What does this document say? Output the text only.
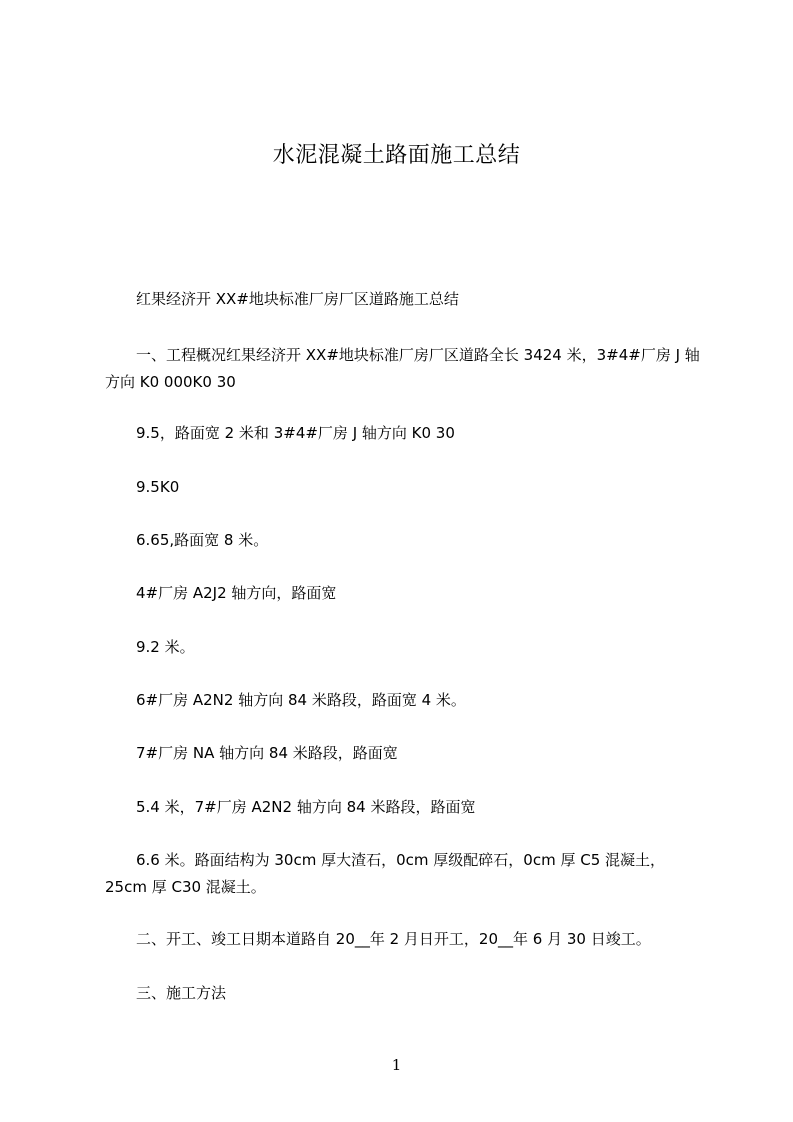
水泥混凝土路面施工总结

红果经济开 XX#地块标准厂房厂区道路施工总结

一、工程概况红果经济开 XX#地块标准厂房厂区道路全长 3424 米，3#4#厂房 J 轴方向 K0 000K0 30

9.5，路面宽 2 米和 3#4#厂房 J 轴方向 K0 30

9.5K0

6.65,路面宽 8 米。

4#厂房 A2J2 轴方向，路面宽

9.2 米。

6#厂房 A2N2 轴方向 84 米路段，路面宽 4 米。

7#厂房 NA 轴方向 84 米路段，路面宽

5.4 米，7#厂房 A2N2 轴方向 84 米路段，路面宽

6.6 米。路面结构为 30cm 厚大渣石，0cm 厚级配碎石，0cm 厚 C5 混凝土，25cm 厚 C30 混凝土。

二、开工、竣工日期本道路自 20__年 2 月日开工，20__年 6 月 30 日竣工。

三、施工方法

1
